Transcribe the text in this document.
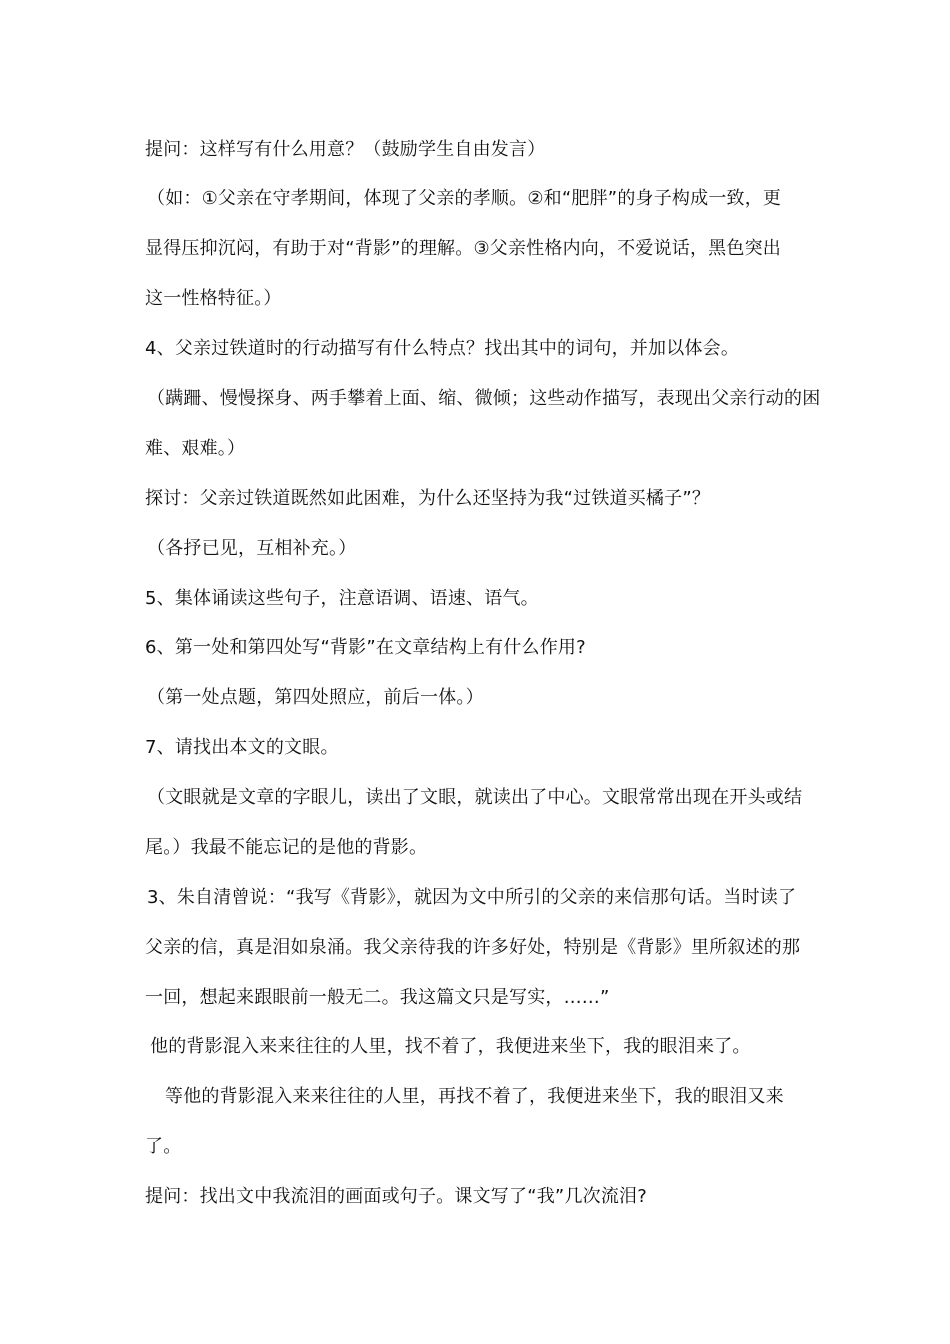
提问：这样写有什么用意？（鼓励学生自由发言）
（如：①父亲在守孝期间，体现了父亲的孝顺。②和“肥胖”的身子构成一致，更
显得压抑沉闷，有助于对“背影”的理解。③父亲性格内向，不爱说话，黑色突出
这一性格特征。）
4、父亲过铁道时的行动描写有什么特点？找出其中的词句，并加以体会。
（蹒跚、慢慢探身、两手攀着上面、缩、微倾；这些动作描写，表现出父亲行动的困
难、艰难。）
探讨：父亲过铁道既然如此困难，为什么还坚持为我“过铁道买橘子”？
（各抒已见，互相补充。）
5、集体诵读这些句子，注意语调、语速、语气。
6、第一处和第四处写“背影”在文章结构上有什么作用?
（第一处点题，第四处照应，前后一体。）
7、请找出本文的文眼。
（文眼就是文章的字眼儿，读出了文眼，就读出了中心。文眼常常出现在开头或结
尾。）我最不能忘记的是他的背影。
3、朱自清曾说：“我写《背影》，就因为文中所引的父亲的来信那句话。当时读了
父亲的信，真是泪如泉涌。我父亲待我的许多好处，特别是《背影》里所叙述的那
一回，想起来跟眼前一般无二。我这篇文只是写实，……”
他的背影混入来来往往的人里，找不着了，我便进来坐下，我的眼泪来了。
等他的背影混入来来往往的人里，再找不着了，我便进来坐下，我的眼泪又来
了。
提问：找出文中我流泪的画面或句子。课文写了“我”几次流泪?
